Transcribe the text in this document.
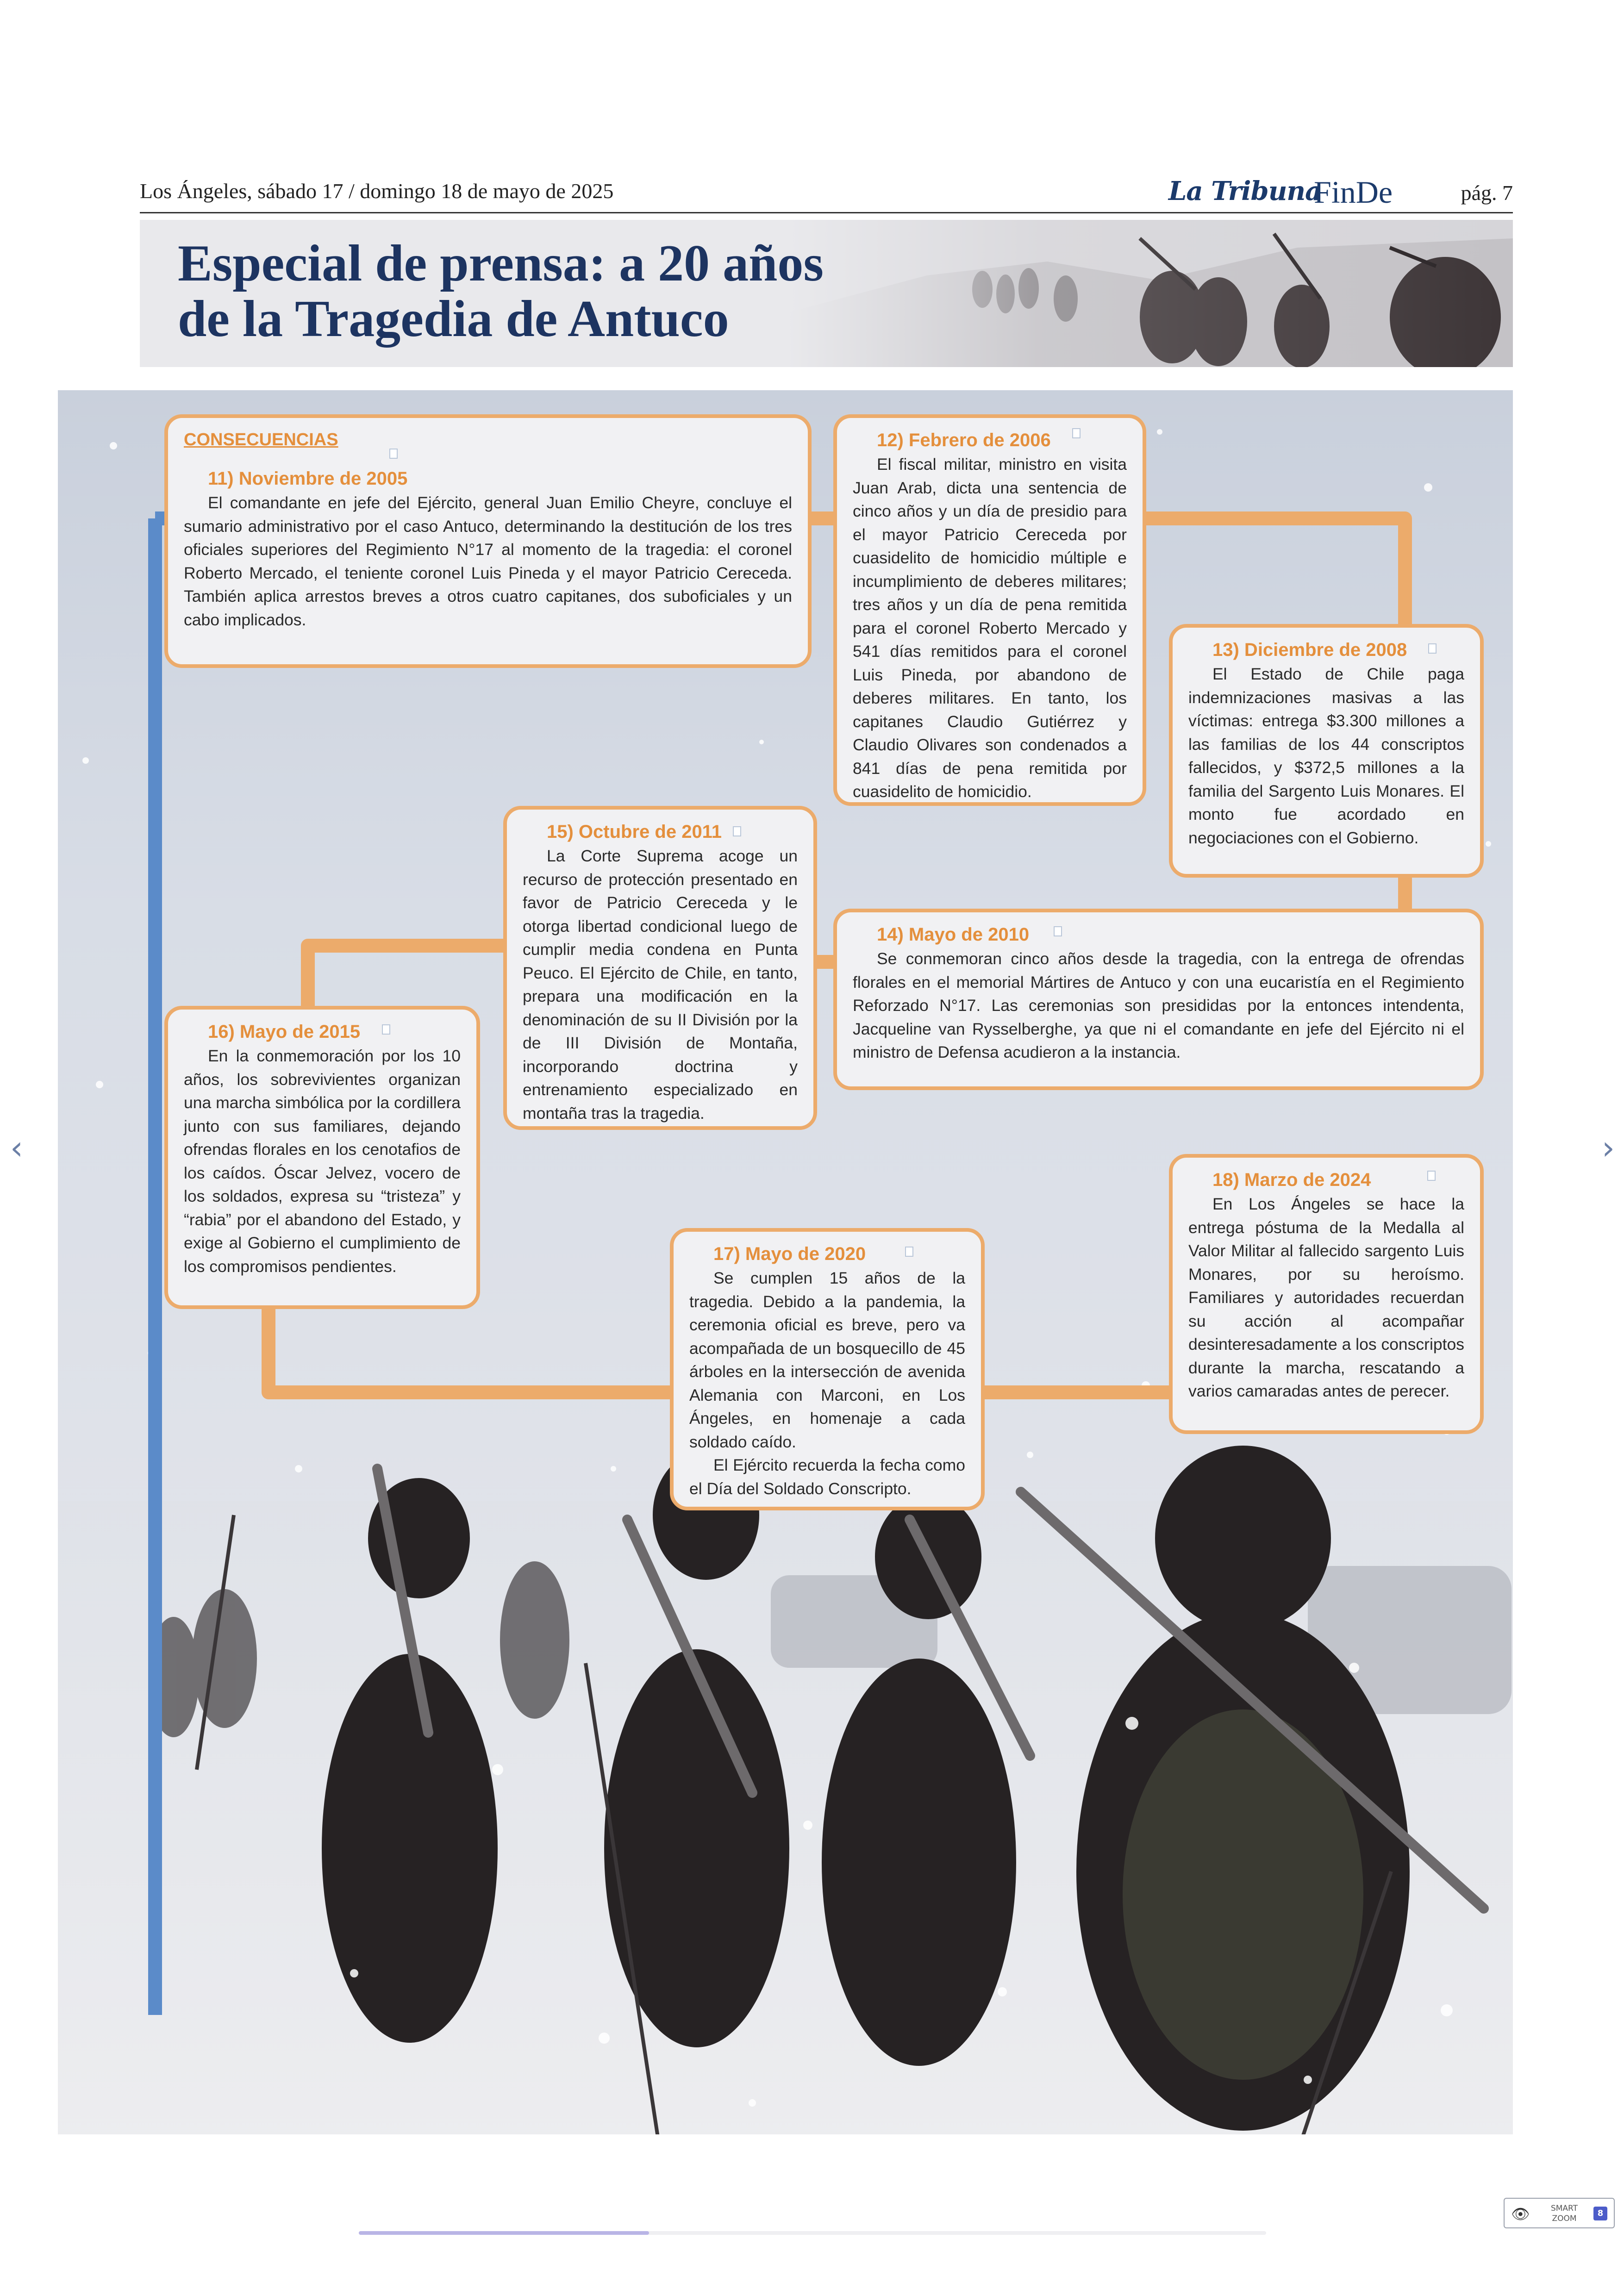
Los Ángeles, sábado 17 / domingo 18 de mayo de 2025	La Tribuna
FinDe	pág. 7
Especial de prensa: a 20 años
de la Tragedia de Antuco
CONSECUENCIAS
11) Noviembre de 2005

El comandante en jefe del Ejército, general Juan Emilio Cheyre, concluye el sumario administrativo por el caso Antuco, determinando la destitución de los tres oficiales superiores del Regimiento N°17 al momento de la tragedia: el coronel Roberto Mercado, el teniente coronel Luis Pineda y el mayor Patricio Cereceda. También aplica arrestos breves a otros cuatro capitanes, dos suboficiales y un cabo implicados.

12) Febrero de 2006

El fiscal militar, ministro en visita Juan Arab, dicta una sentencia de cinco años y un día de presidio para el mayor Patricio Cereceda por cuasidelito de homicidio múltiple e incumplimiento de deberes militares; tres años y un día de pena remitida para el coronel Roberto Mercado y 541 días remitidos para el coronel Luis Pineda, por abandono de deberes militares. En tanto, los capitanes Claudio Gutiérrez y Claudio Olivares son condenados a 841 días de pena remitida por cuasidelito de homicidio.

13) Diciembre de 2008

El Estado de Chile paga indemnizaciones masivas a las víctimas: entrega $3.300 millones a las familias de los 44 conscriptos fallecidos, y $372,5 millones a la familia del Sargento Luis Monares. El monto fue acordado en negociaciones con el Gobierno.

15) Octubre de 2011

La Corte Suprema acoge un recurso de protección presentado en favor de Patricio Cereceda y le otorga libertad condicional luego de cumplir media condena en Punta Peuco. El Ejército de Chile, en tanto, prepara una modificación en la denominación de su II División por la de III División de Montaña, incorporando doctrina y entrenamiento especializado en montaña tras la tragedia.

14) Mayo de 2010

Se conmemoran cinco años desde la tragedia, con la entrega de ofrendas florales en el memorial Mártires de Antuco y con una eucaristía en el Regimiento Reforzado N°17. Las ceremonias son presididas por la entonces intendenta, Jacqueline van Rysselberghe, ya que ni el comandante en jefe del Ejército ni el ministro de Defensa acudieron a la instancia.

16) Mayo de 2015

En la conmemoración por los 10 años, los sobrevivientes organizan una marcha simbólica por la cordillera junto con sus familiares, dejando ofrendas florales en los cenotafios de los caídos. Óscar Jelvez, vocero de los soldados, expresa su “tristeza” y “rabia” por el abandono del Estado, y exige al Gobierno el cumplimiento de los compromisos pendientes.

18) Marzo de 2024

En Los Ángeles se hace la entrega póstuma de la Medalla al Valor Militar al fallecido sargento Luis Monares, por su heroísmo. Familiares y autoridades recuerdan su acción al acompañar desinteresadamente a los conscriptos durante la marcha, rescatando a varios camaradas antes de perecer.

17) Mayo de 2020

Se cumplen 15 años de la tragedia. Debido a la pandemia, la ceremonia oficial es breve, pero va acompañada de un bosquecillo de 45 árboles en la intersección de avenida Alemania con Marconi, en Los Ángeles, en homenaje a cada soldado caído.

El Ejército recuerda la fecha como el Día del Soldado Conscripto.

‹	›
👁	SMART
ZOOM
8
